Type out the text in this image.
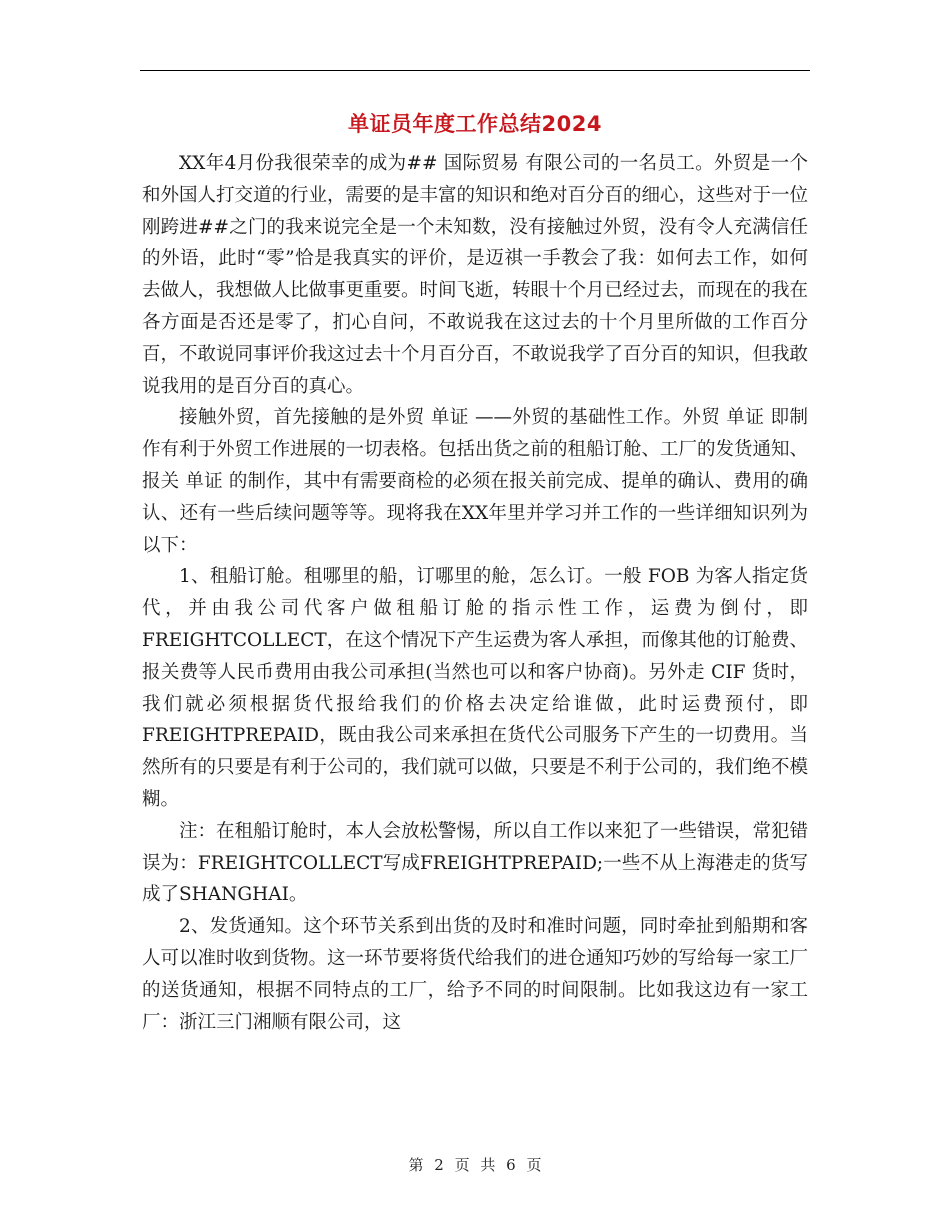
单证员年度工作总结2024

XX年4月份我很荣幸的成为## 国际贸易 有限公司的一名员工。外贸是一个和外国人打交道的行业，需要的是丰富的知识和绝对百分百的细心，这些对于一位刚跨进##之门的我来说完全是一个未知数，没有接触过外贸，没有令人充满信任的外语，此时“零”恰是我真实的评价，是迈祺一手教会了我：如何去工作，如何去做人，我想做人比做事更重要。时间飞逝，转眼十个月已经过去，而现在的我在各方面是否还是零了，扪心自问，不敢说我在这过去的十个月里所做的工作百分百，不敢说同事评价我这过去十个月百分百，不敢说我学了百分百的知识，但我敢说我用的是百分百的真心。

接触外贸，首先接触的是外贸 单证 ——外贸的基础性工作。外贸 单证 即制作有利于外贸工作进展的一切表格。包括出货之前的租船订舱、工厂的发货通知、报关 单证 的制作，其中有需要商检的必须在报关前完成、提单的确认、费用的确认、还有一些后续问题等等。现将我在XX年里并学习并工作的一些详细知识列为以下：

1、租船订舱。租哪里的船，订哪里的舱，怎么订。一般 FOB 为客人指定货代，并由我公司代客户做租船订舱的指示性工作，运费为倒付，即FREIGHTCOLLECT，在这个情况下产生运费为客人承担，而像其他的订舱费、报关费等人民币费用由我公司承担(当然也可以和客户协商)。另外走 CIF 货时，我们就必须根据货代报给我们的价格去决定给谁做，此时运费预付，即FREIGHTPREPAID，既由我公司来承担在货代公司服务下产生的一切费用。当然所有的只要是有利于公司的，我们就可以做，只要是不利于公司的，我们绝不模糊。

注：在租船订舱时，本人会放松警惕，所以自工作以来犯了一些错误，常犯错误为：FREIGHTCOLLECT写成FREIGHTPREPAID;一些不从上海港走的货写成了SHANGHAI。

2、发货通知。这个环节关系到出货的及时和准时问题，同时牵扯到船期和客人可以准时收到货物。这一环节要将货代给我们的进仓通知巧妙的写给每一家工厂的送货通知，根据不同特点的工厂，给予不同的时间限制。比如我这边有一家工厂：浙江三门湘顺有限公司，这

第 2 页 共 6 页
